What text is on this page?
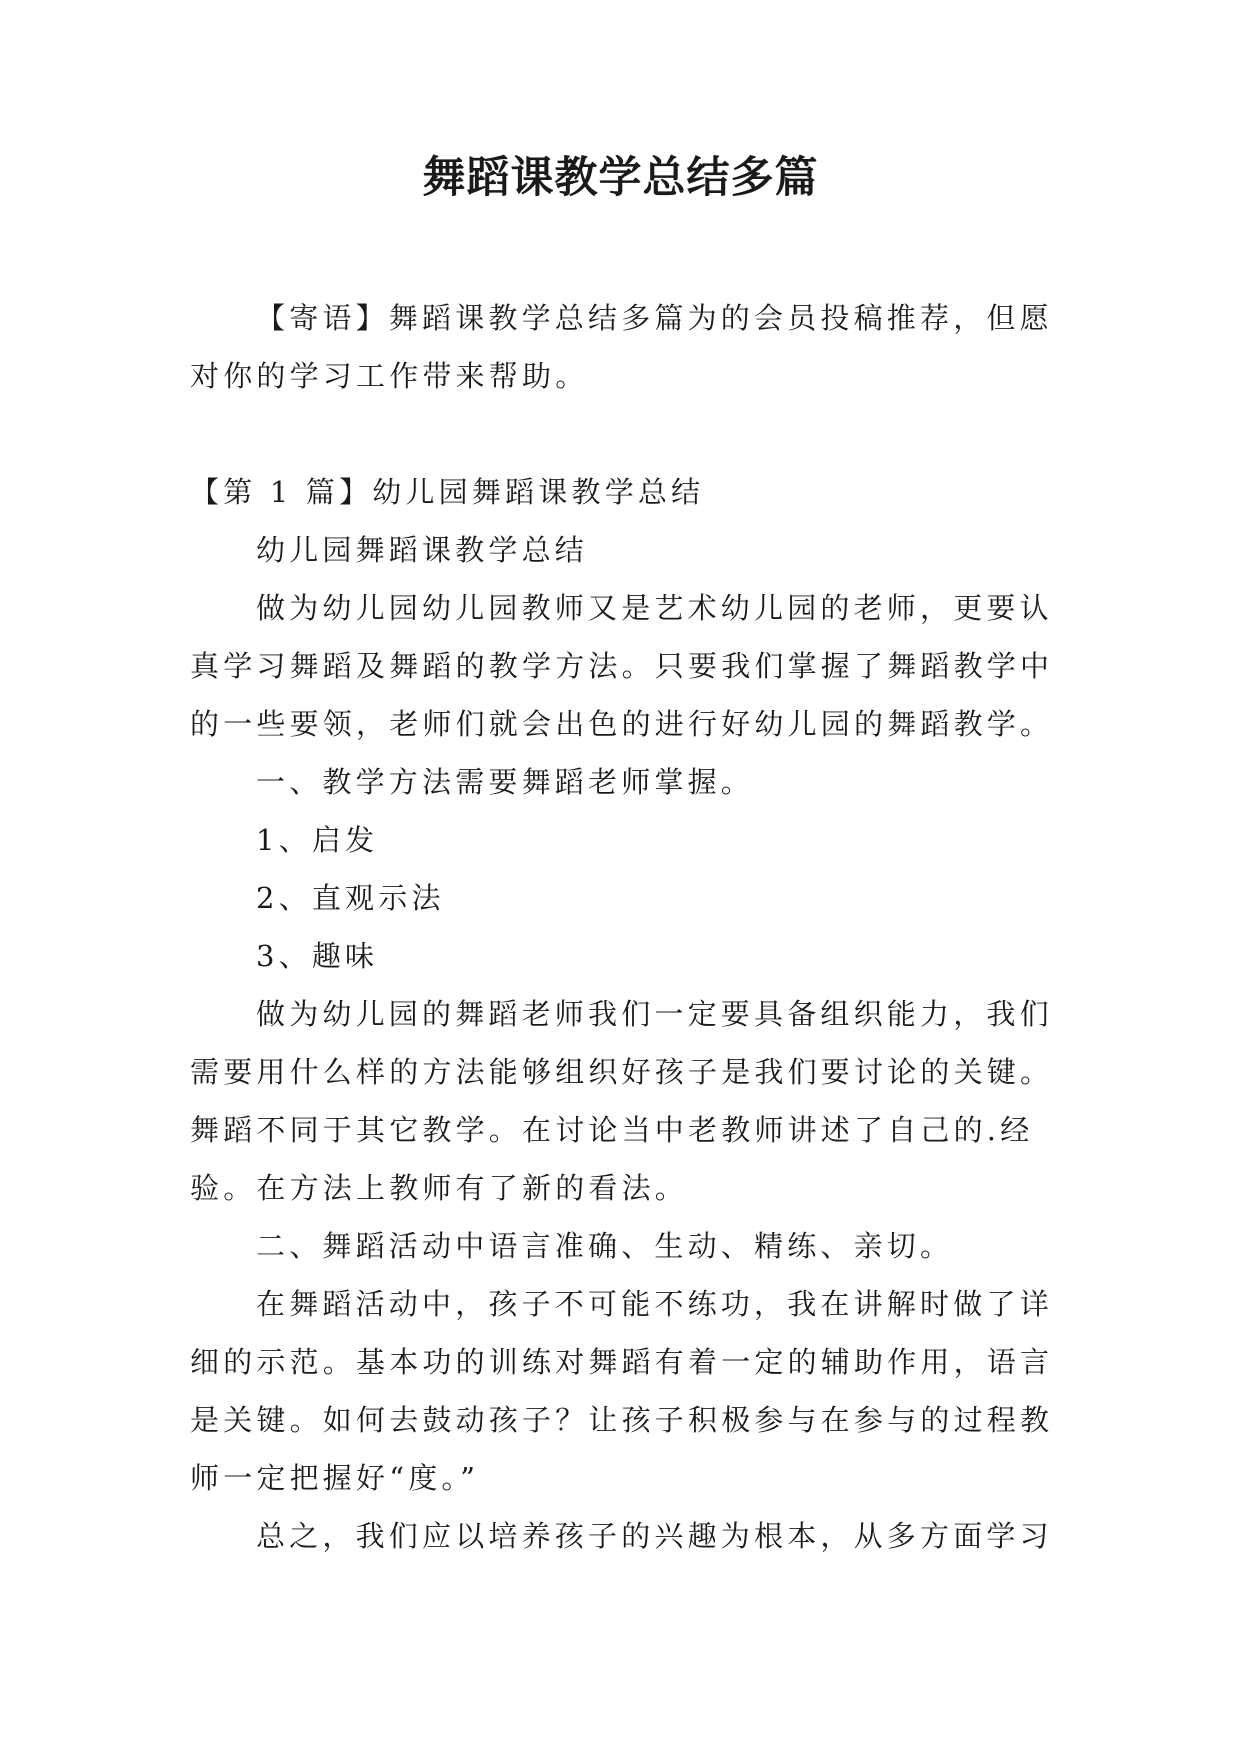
舞蹈课教学总结多篇
【寄语】舞蹈课教学总结多篇为的会员投稿推荐，但愿
对你的学习工作带来帮助。
【第 1 篇】幼儿园舞蹈课教学总结
幼儿园舞蹈课教学总结
做为幼儿园幼儿园教师又是艺术幼儿园的老师，更要认
真学习舞蹈及舞蹈的教学方法。只要我们掌握了舞蹈教学中
的一些要领，老师们就会出色的进行好幼儿园的舞蹈教学。
一、教学方法需要舞蹈老师掌握。
1、启发
2、直观示法
3、趣味
做为幼儿园的舞蹈老师我们一定要具备组织能力，我们
需要用什么样的方法能够组织好孩子是我们要讨论的关键。
舞蹈不同于其它教学。在讨论当中老教师讲述了自己的.经
验。在方法上教师有了新的看法。
二、舞蹈活动中语言准确、生动、精练、亲切。
在舞蹈活动中，孩子不可能不练功，我在讲解时做了详
细的示范。基本功的训练对舞蹈有着一定的辅助作用，语言
是关键。如何去鼓动孩子？让孩子积极参与在参与的过程教
师一定把握好“度。”
总之，我们应以培养孩子的兴趣为根本，从多方面学习
